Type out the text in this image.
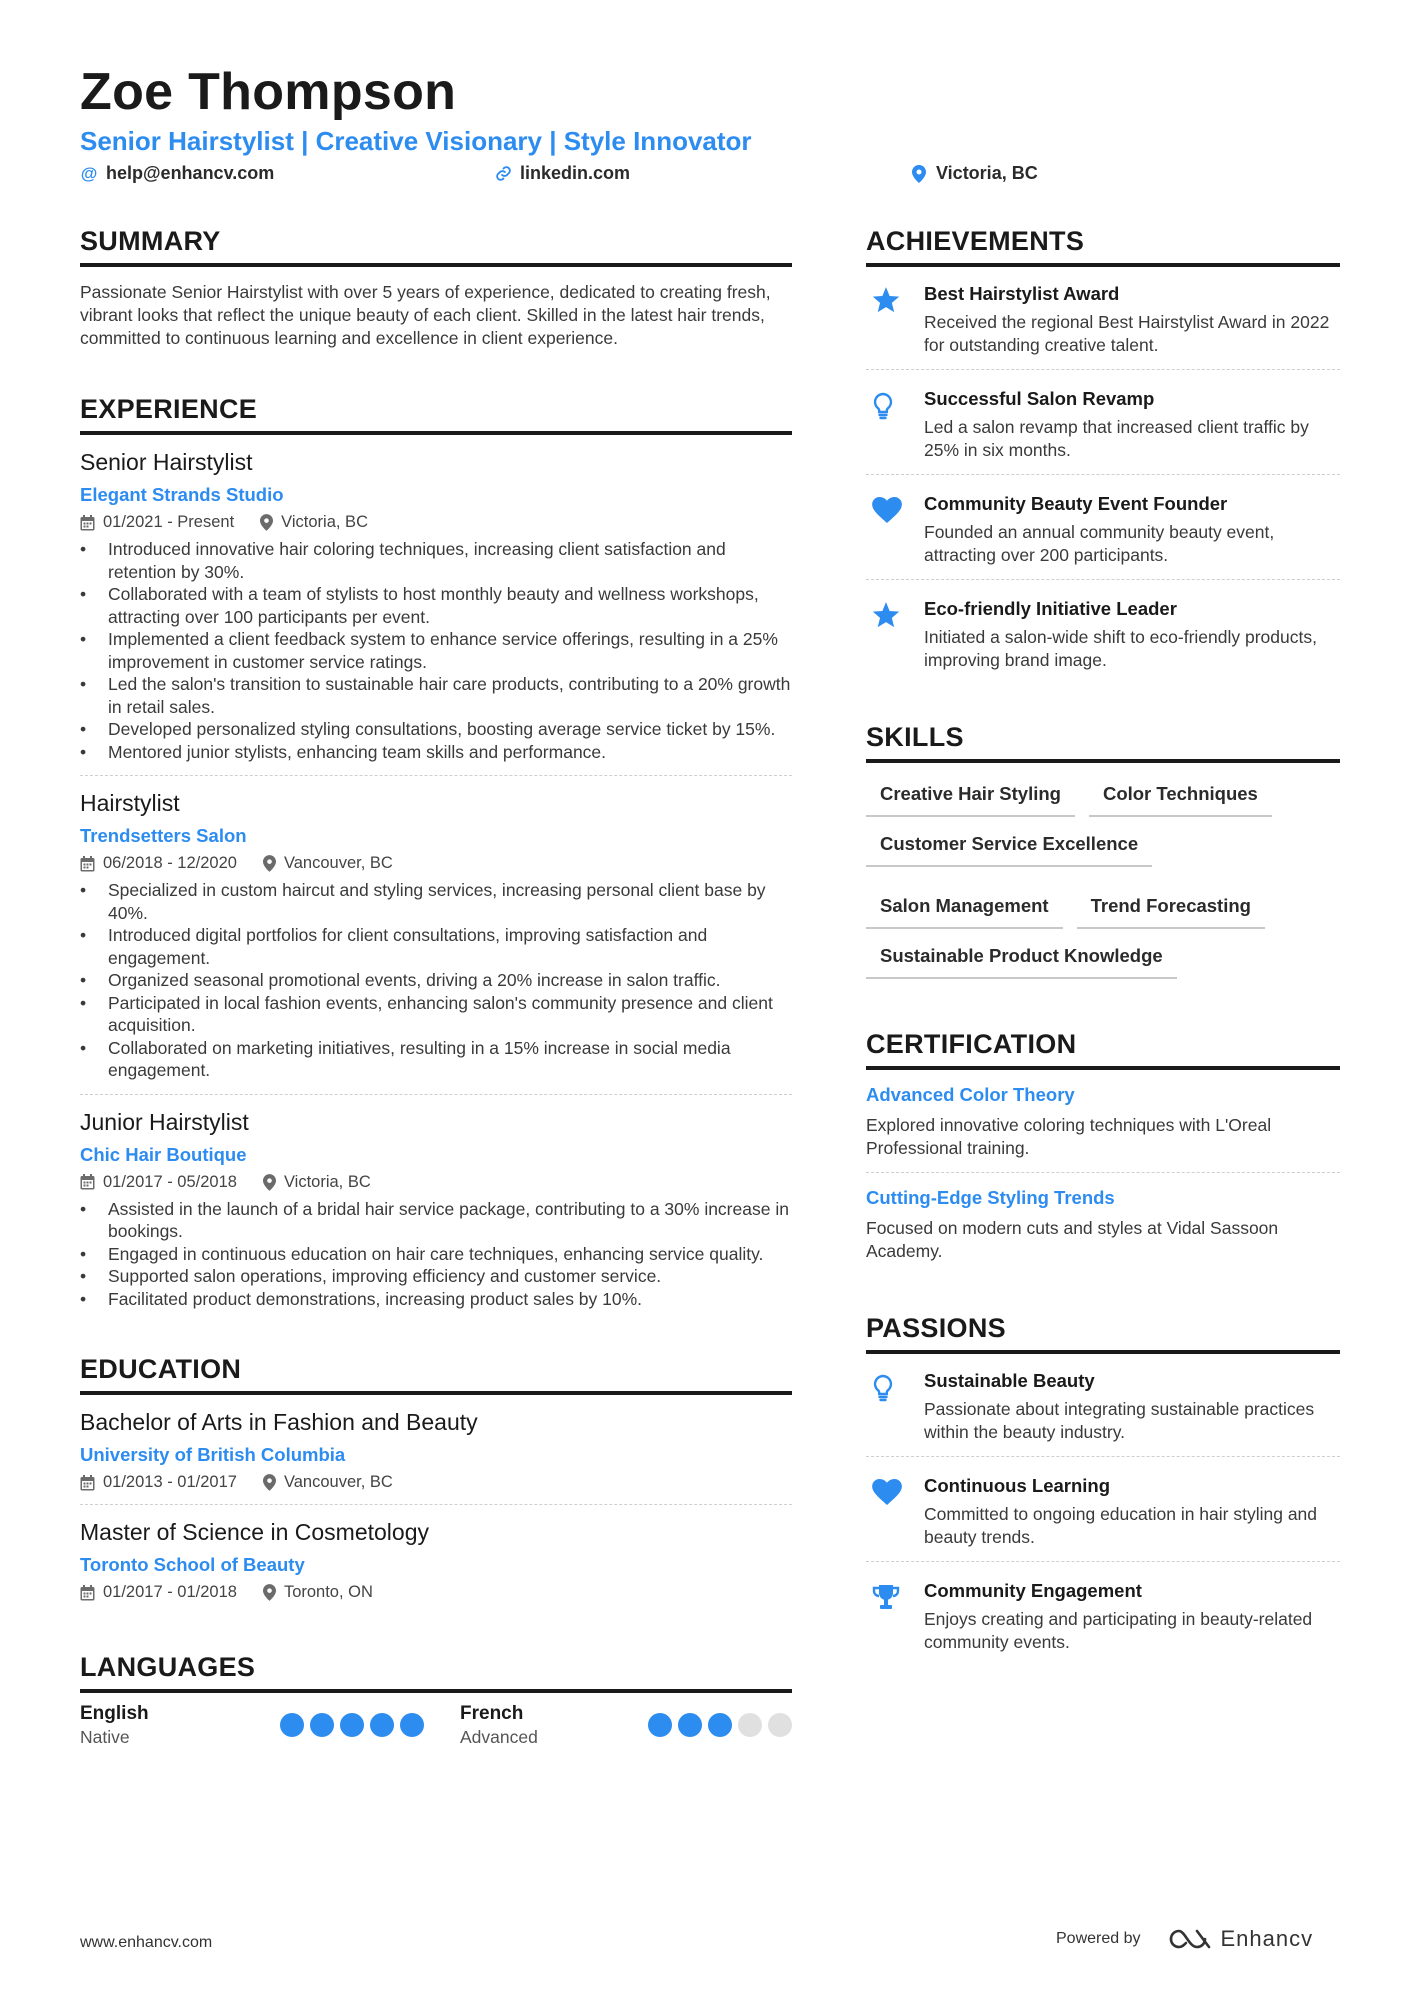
Zoe Thompson
Senior Hairstylist | Creative Visionary | Style Innovator
@ help@enhancv.com	linkedin.com	Victoria, BC
SUMMARY
Passionate Senior Hairstylist with over 5 years of experience, dedicated to creating fresh, vibrant looks that reflect the unique beauty of each client. Skilled in the latest hair trends, committed to continuous learning and excellence in client experience.
EXPERIENCE
Senior Hairstylist
Elegant Strands Studio
01/2021 - Present	Victoria, BC
• Introduced innovative hair coloring techniques, increasing client satisfaction and retention by 30%.
• Collaborated with a team of stylists to host monthly beauty and wellness workshops, attracting over 100 participants per event.
• Implemented a client feedback system to enhance service offerings, resulting in a 25% improvement in customer service ratings.
• Led the salon's transition to sustainable hair care products, contributing to a 20% growth in retail sales.
• Developed personalized styling consultations, boosting average service ticket by 15%.
• Mentored junior stylists, enhancing team skills and performance.
Hairstylist
Trendsetters Salon
06/2018 - 12/2020	Vancouver, BC
• Specialized in custom haircut and styling services, increasing personal client base by 40%.
• Introduced digital portfolios for client consultations, improving satisfaction and engagement.
• Organized seasonal promotional events, driving a 20% increase in salon traffic.
• Participated in local fashion events, enhancing salon's community presence and client acquisition.
• Collaborated on marketing initiatives, resulting in a 15% increase in social media engagement.
Junior Hairstylist
Chic Hair Boutique
01/2017 - 05/2018	Victoria, BC
• Assisted in the launch of a bridal hair service package, contributing to a 30% increase in bookings.
• Engaged in continuous education on hair care techniques, enhancing service quality.
• Supported salon operations, improving efficiency and customer service.
• Facilitated product demonstrations, increasing product sales by 10%.
EDUCATION
Bachelor of Arts in Fashion and Beauty
University of British Columbia
01/2013 - 01/2017	Vancouver, BC
Master of Science in Cosmetology
Toronto School of Beauty
01/2017 - 01/2018	Toronto, ON
LANGUAGES
English
Native
French
Advanced
ACHIEVEMENTS
Best Hairstylist Award
Received the regional Best Hairstylist Award in 2022 for outstanding creative talent.
Successful Salon Revamp
Led a salon revamp that increased client traffic by 25% in six months.
Community Beauty Event Founder
Founded an annual community beauty event, attracting over 200 participants.
Eco-friendly Initiative Leader
Initiated a salon-wide shift to eco-friendly products, improving brand image.
SKILLS
Creative Hair Styling	Color Techniques
Customer Service Excellence
Salon Management	Trend Forecasting
Sustainable Product Knowledge
CERTIFICATION
Advanced Color Theory
Explored innovative coloring techniques with L'Oreal Professional training.
Cutting-Edge Styling Trends
Focused on modern cuts and styles at Vidal Sassoon Academy.
PASSIONS
Sustainable Beauty
Passionate about integrating sustainable practices within the beauty industry.
Continuous Learning
Committed to ongoing education in hair styling and beauty trends.
Community Engagement
Enjoys creating and participating in beauty-related community events.
www.enhancv.com	Powered by	Enhancv
